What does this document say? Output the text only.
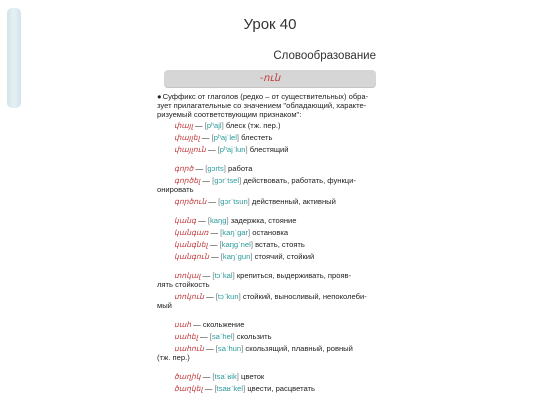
Урок 40
Словообразование
-ուն
●Суффикс от глаголов (редко – от существительных) обра-
зует прилагательные со значением "обладающий, характе-
ризуемый соответствующим признаком":
փայլ — [pʰajl] блеск (тж. пер.)
փայլել — [pʰajˈlel] блестеть
փայլուն — [pʰajˈlun] блестящий
գործ — [gɔrts] работа
գործել — [gɔrˈtsel] действовать, работать, функци-
онировать
գործուն — [gɔrˈtsun] действенный, активный
կանգ — [kaŋg] задержка, стояние
կանգառ — [kaŋˈgar] остановка
կանգնել — [kaŋgˈnel] встать, стоять
կանգուն — [kaŋˈgun] стоячий, стойкий
տոկալ — [tɔˈkal] крепиться, выдерживать, прояв-
лять стойкость
տոկուն — [tɔˈkun] стойкий, выносливый, непоколеби-
мый
սահ — скольжение
սահել — [saˈhel] скользить
սահուն — [saˈhun] скользящий, плавный, ровный
(тж. пер.)
ծաղիկ — [tsaˈʁik] цветок
ծաղկել — [tsaʁˈkel] цвести, расцветать
